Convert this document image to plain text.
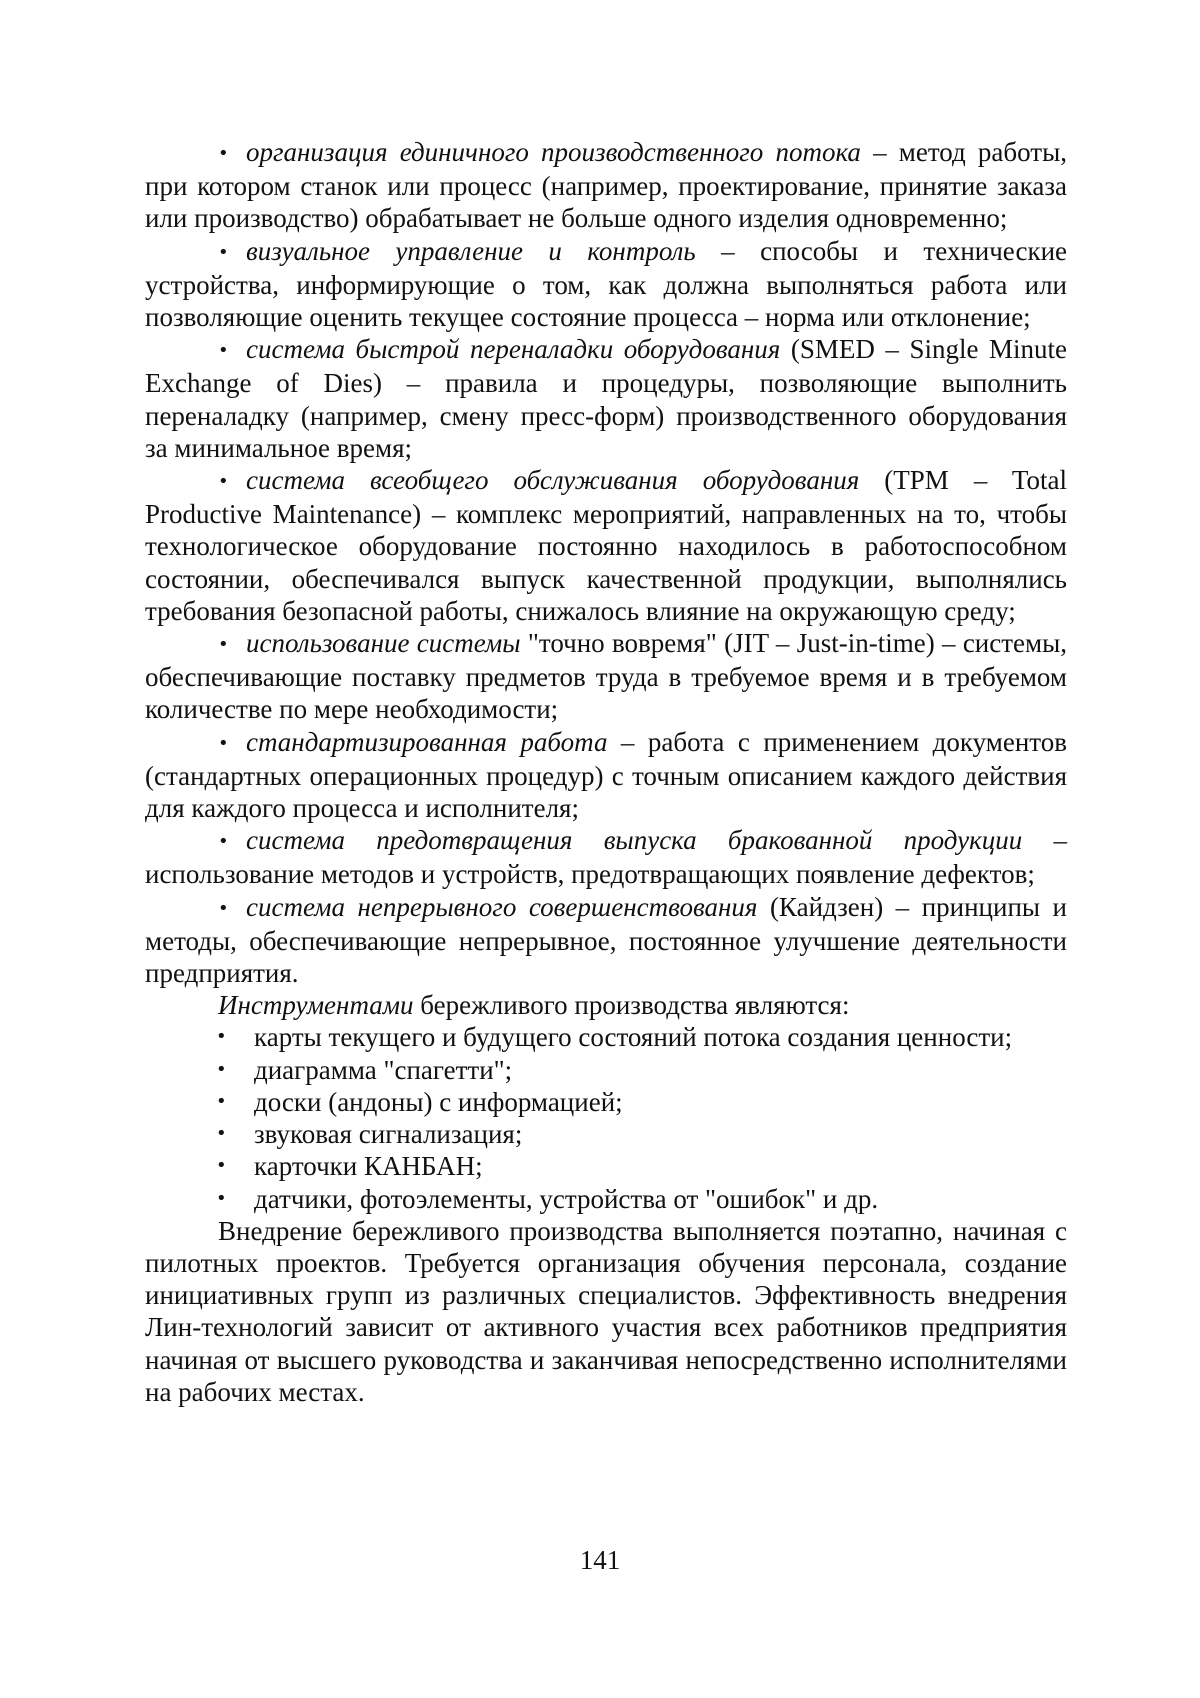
• организация единичного производственного потока – метод работы, при котором станок или процесс (например, проектирование, принятие заказа или производство) обрабатывает не больше одного изделия одновременно;

• визуальное управление и контроль – способы и технические устройства, информирующие о том, как должна выполняться работа или позволяющие оценить текущее состояние процесса – норма или отклонение;

• система быстрой переналадки оборудования (SMED – Single Minute Exchange of Dies) – правила и процедуры, позволяющие выполнить переналадку (например, смену пресс-форм) производственного оборудования за минимальное время;

• система всеобщего обслуживания оборудования (TPM – Total Productive Maintenance) – комплекс мероприятий, направленных на то, чтобы технологическое оборудование постоянно находилось в работоспособном состоянии, обеспечивался выпуск качественной продукции, выполнялись требования безопасной работы, снижалось влияние на окружающую среду;

• использование системы "точно вовремя" (JIT – Just-in-time) – системы, обеспечивающие поставку предметов труда в требуемое время и в требуемом количестве по мере необходимости;

• стандартизированная работа – работа с применением документов (стандартных операционных процедур) с точным описанием каждого действия для каждого процесса и исполнителя;

• система предотвращения выпуска бракованной продукции – использование методов и устройств, предотвращающих появление дефектов;

• система непрерывного совершенствования (Кайдзен) – принципы и методы, обеспечивающие непрерывное, постоянное улучшение деятельности предприятия.

Инструментами бережливого производства являются:

• карты текущего и будущего состояний потока создания ценности;
• диаграмма "спагетти";
• доски (андоны) с информацией;
• звуковая сигнализация;
• карточки КАНБАН;
• датчики, фотоэлементы, устройства от "ошибок" и др.

Внедрение бережливого производства выполняется поэтапно, начиная с пилотных проектов. Требуется организация обучения персонала, создание инициативных групп из различных специалистов. Эффективность внедрения Лин-технологий зависит от активного участия всех работников предприятия начиная от высшего руководства и заканчивая непосредственно исполнителями на рабочих местах.

141
